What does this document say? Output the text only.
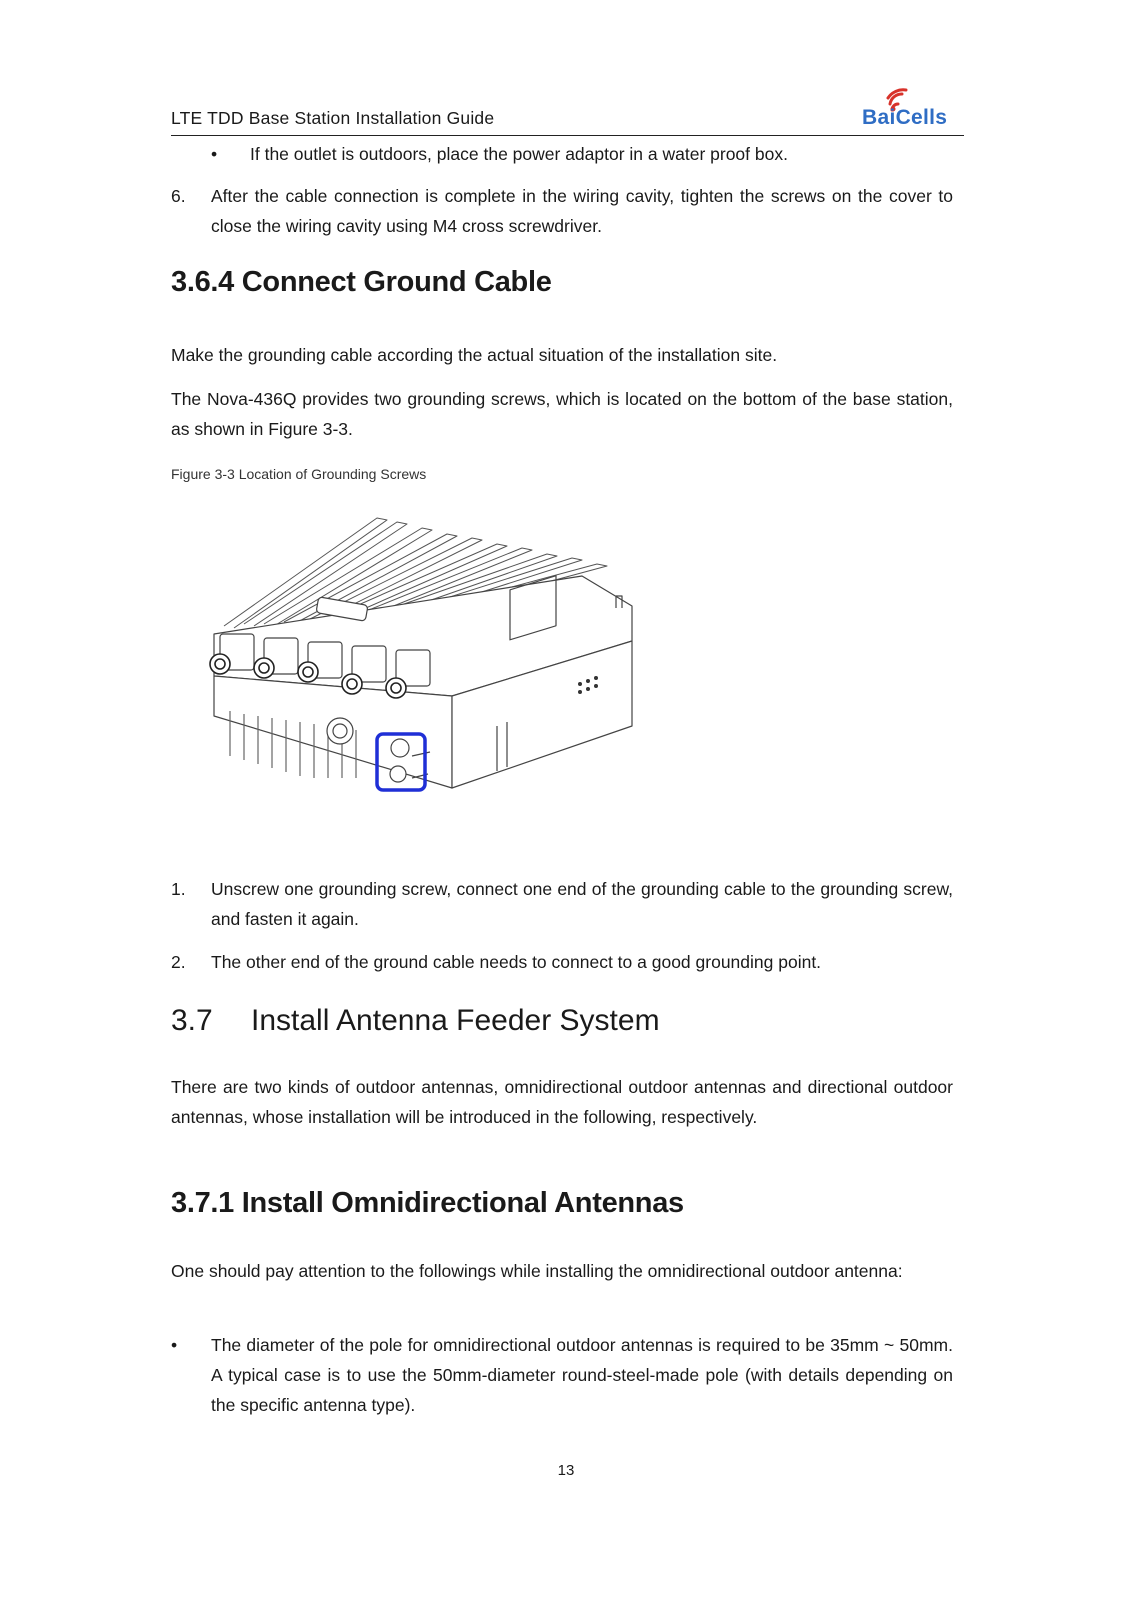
LTE TDD Base Station Installation Guide	BaiCells
• If the outlet is outdoors, place the power adaptor in a water proof box.
6. After the cable connection is complete in the wiring cavity, tighten the screws on the cover to close the wiring cavity using M4 cross screwdriver.
3.6.4 Connect Ground Cable
Make the grounding cable according the actual situation of the installation site.
The Nova-436Q provides two grounding screws, which is located on the bottom of the base station, as shown in Figure 3-3.
Figure 3-3 Location of Grounding Screws
1. Unscrew one grounding screw, connect one end of the grounding cable to the grounding screw, and fasten it again.
2. The other end of the ground cable needs to connect to a good grounding point.
3.7 Install Antenna Feeder System
There are two kinds of outdoor antennas, omnidirectional outdoor antennas and directional outdoor antennas, whose installation will be introduced in the following, respectively.
3.7.1 Install Omnidirectional Antennas
One should pay attention to the followings while installing the omnidirectional outdoor antenna:
• The diameter of the pole for omnidirectional outdoor antennas is required to be 35mm ~ 50mm. A typical case is to use the 50mm-diameter round-steel-made pole (with details depending on the specific antenna type).
13
